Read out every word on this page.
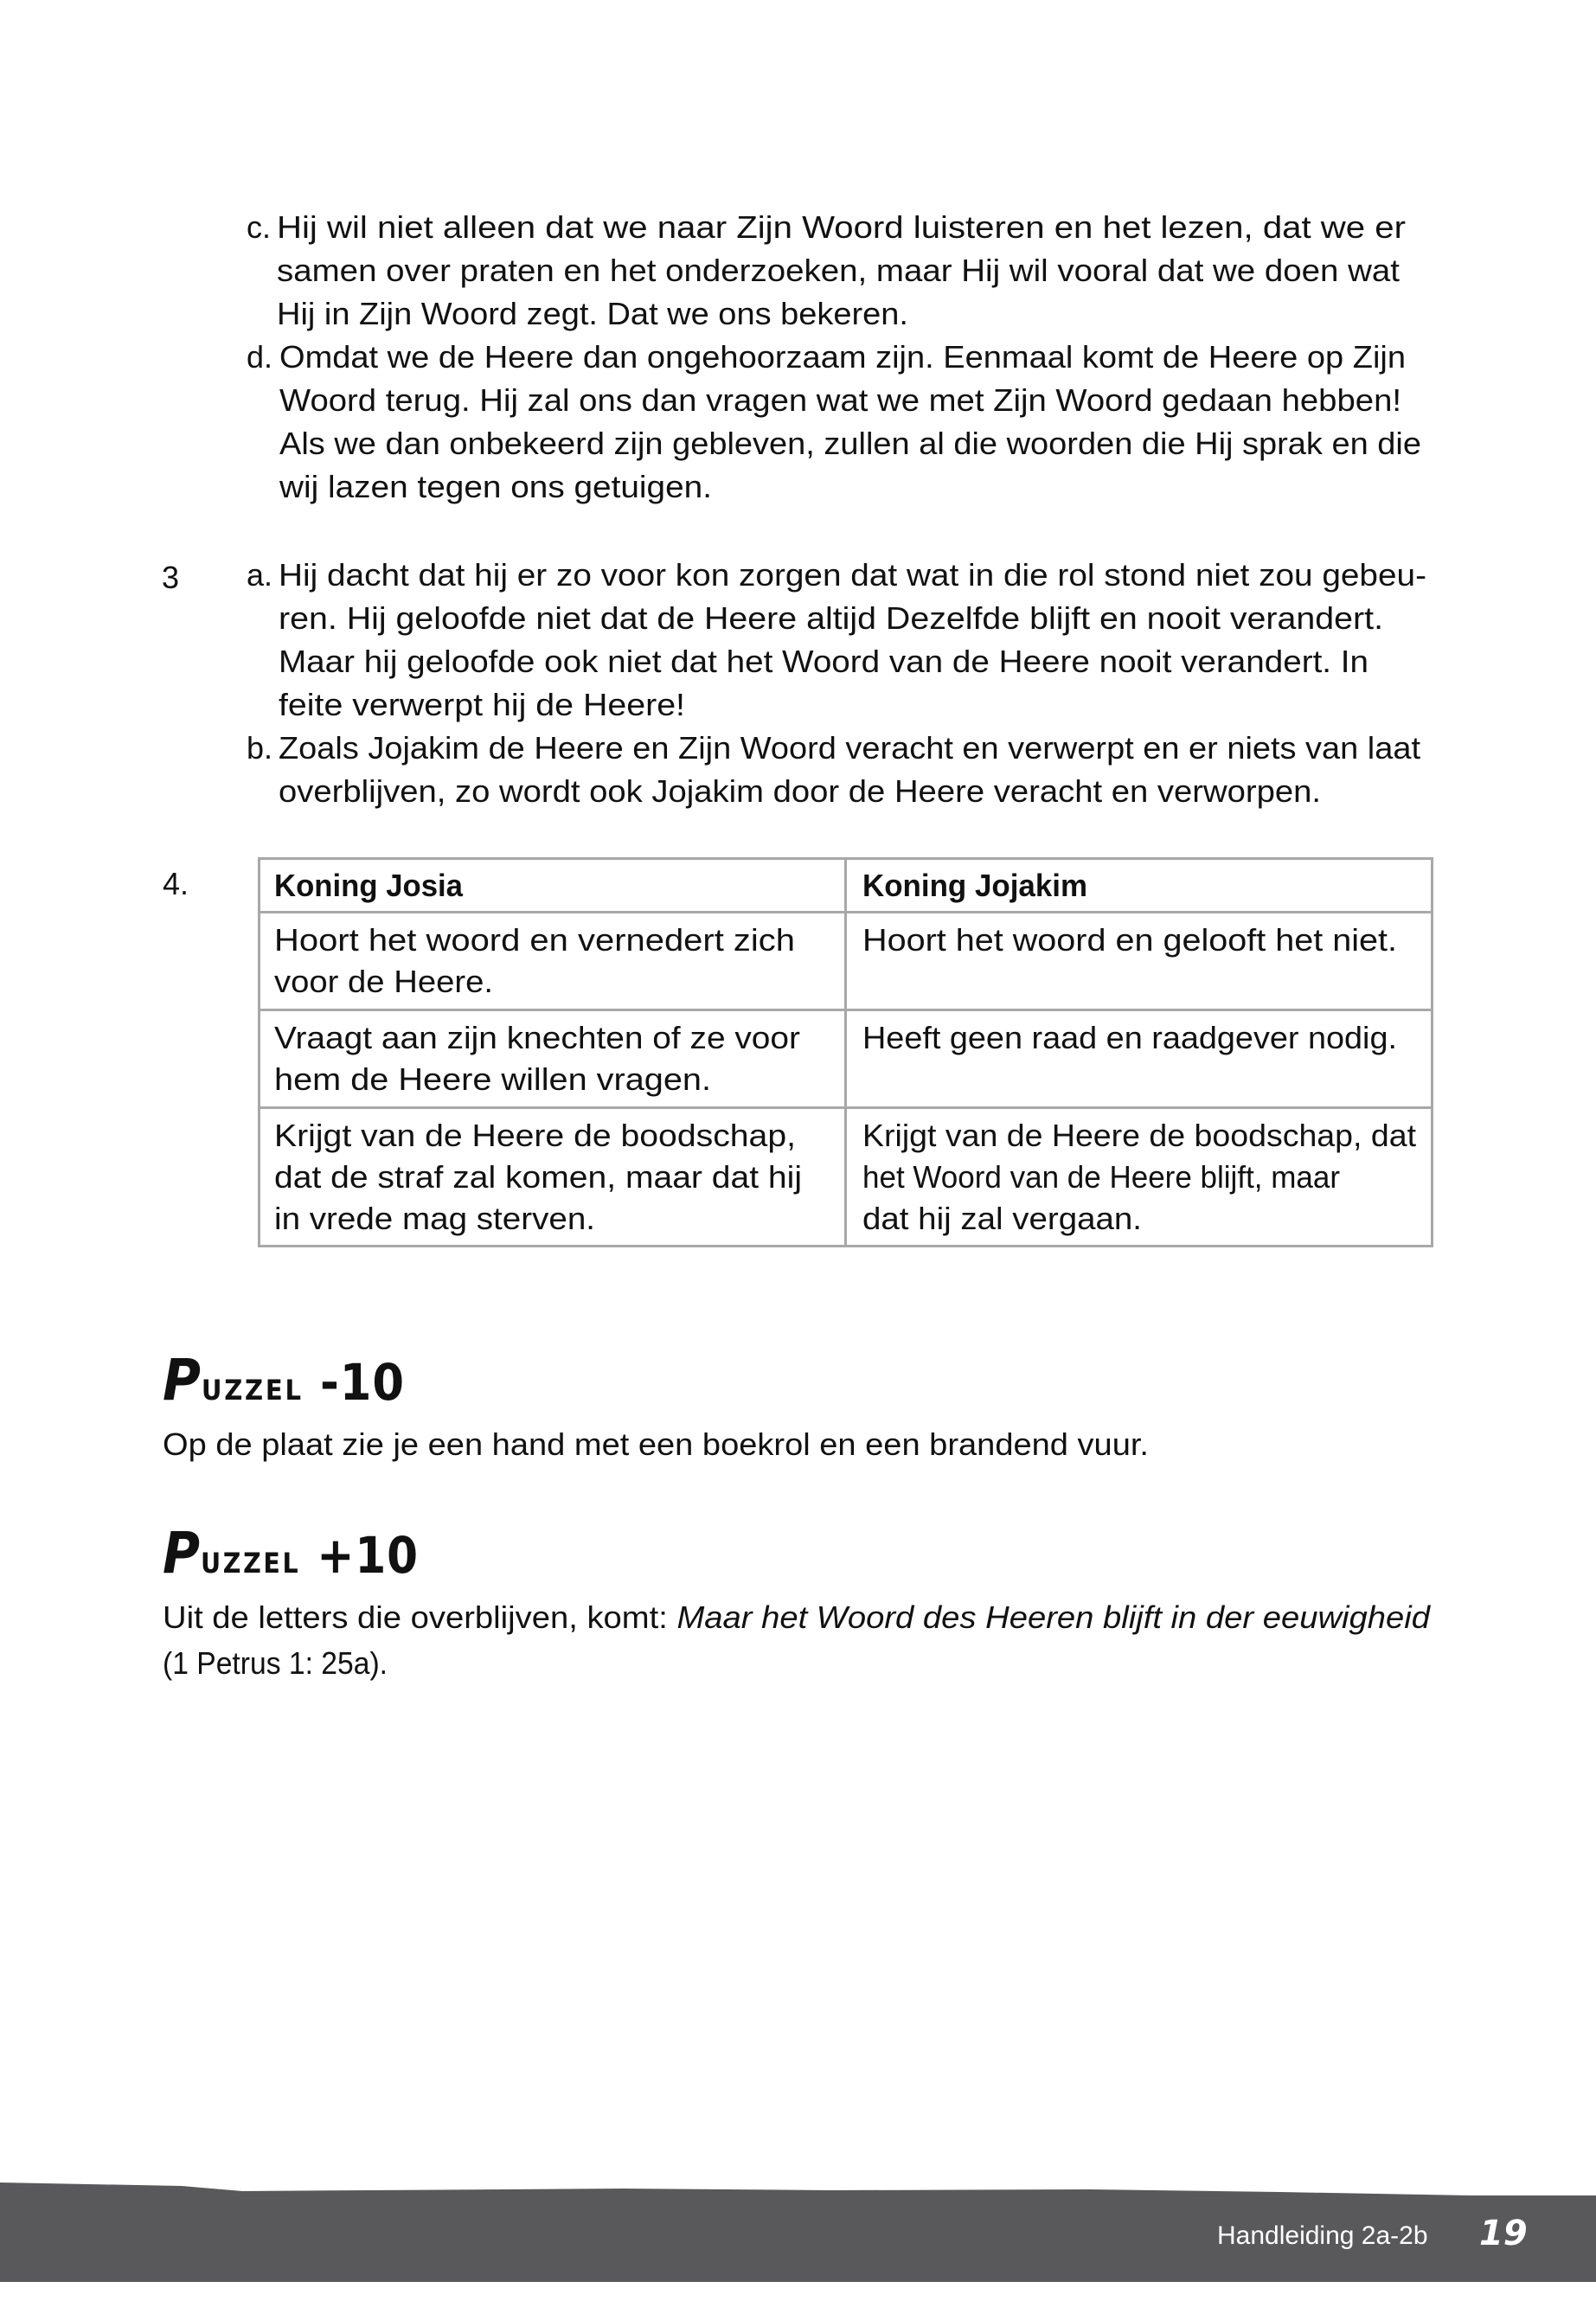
c. Hij wil niet alleen dat we naar Zijn Woord luisteren en het lezen, dat we er
samen over praten en het onderzoeken, maar Hij wil vooral dat we doen wat
Hij in Zijn Woord zegt. Dat we ons bekeren.
d. Omdat we de Heere dan ongehoorzaam zijn. Eenmaal komt de Heere op Zijn
Woord terug. Hij zal ons dan vragen wat we met Zijn Woord gedaan hebben!
Als we dan onbekeerd zijn gebleven, zullen al die woorden die Hij sprak en die
wij lazen tegen ons getuigen.
3 a. Hij dacht dat hij er zo voor kon zorgen dat wat in die rol stond niet zou gebeu-
ren. Hij geloofde niet dat de Heere altijd Dezelfde blijft en nooit verandert.
Maar hij geloofde ook niet dat het Woord van de Heere nooit verandert. In
feite verwerpt hij de Heere!
b. Zoals Jojakim de Heere en Zijn Woord veracht en verwerpt en er niets van laat
overblijven, zo wordt ook Jojakim door de Heere veracht en verworpen.
4.	Koning Josia	Koning Jojakim
Hoort het woord en vernedert zich
voor de Heere.
Hoort het woord en gelooft het niet.
Vraagt aan zijn knechten of ze voor
hem de Heere willen vragen.
Heeft geen raad en raadgever nodig.
Krijgt van de Heere de boodschap,
dat de straf zal komen, maar dat hij
in vrede mag sterven.
Krijgt van de Heere de boodschap, dat
het Woord van de Heere blijft, maar
dat hij zal vergaan.
Puzzel -10
Op de plaat zie je een hand met een boekrol en een brandend vuur.
Puzzel +10
Uit de letters die overblijven, komt: Maar het Woord des Heeren blijft in der eeuwigheid
(1 Petrus 1: 25a).
Handleiding 2a-2b 19
